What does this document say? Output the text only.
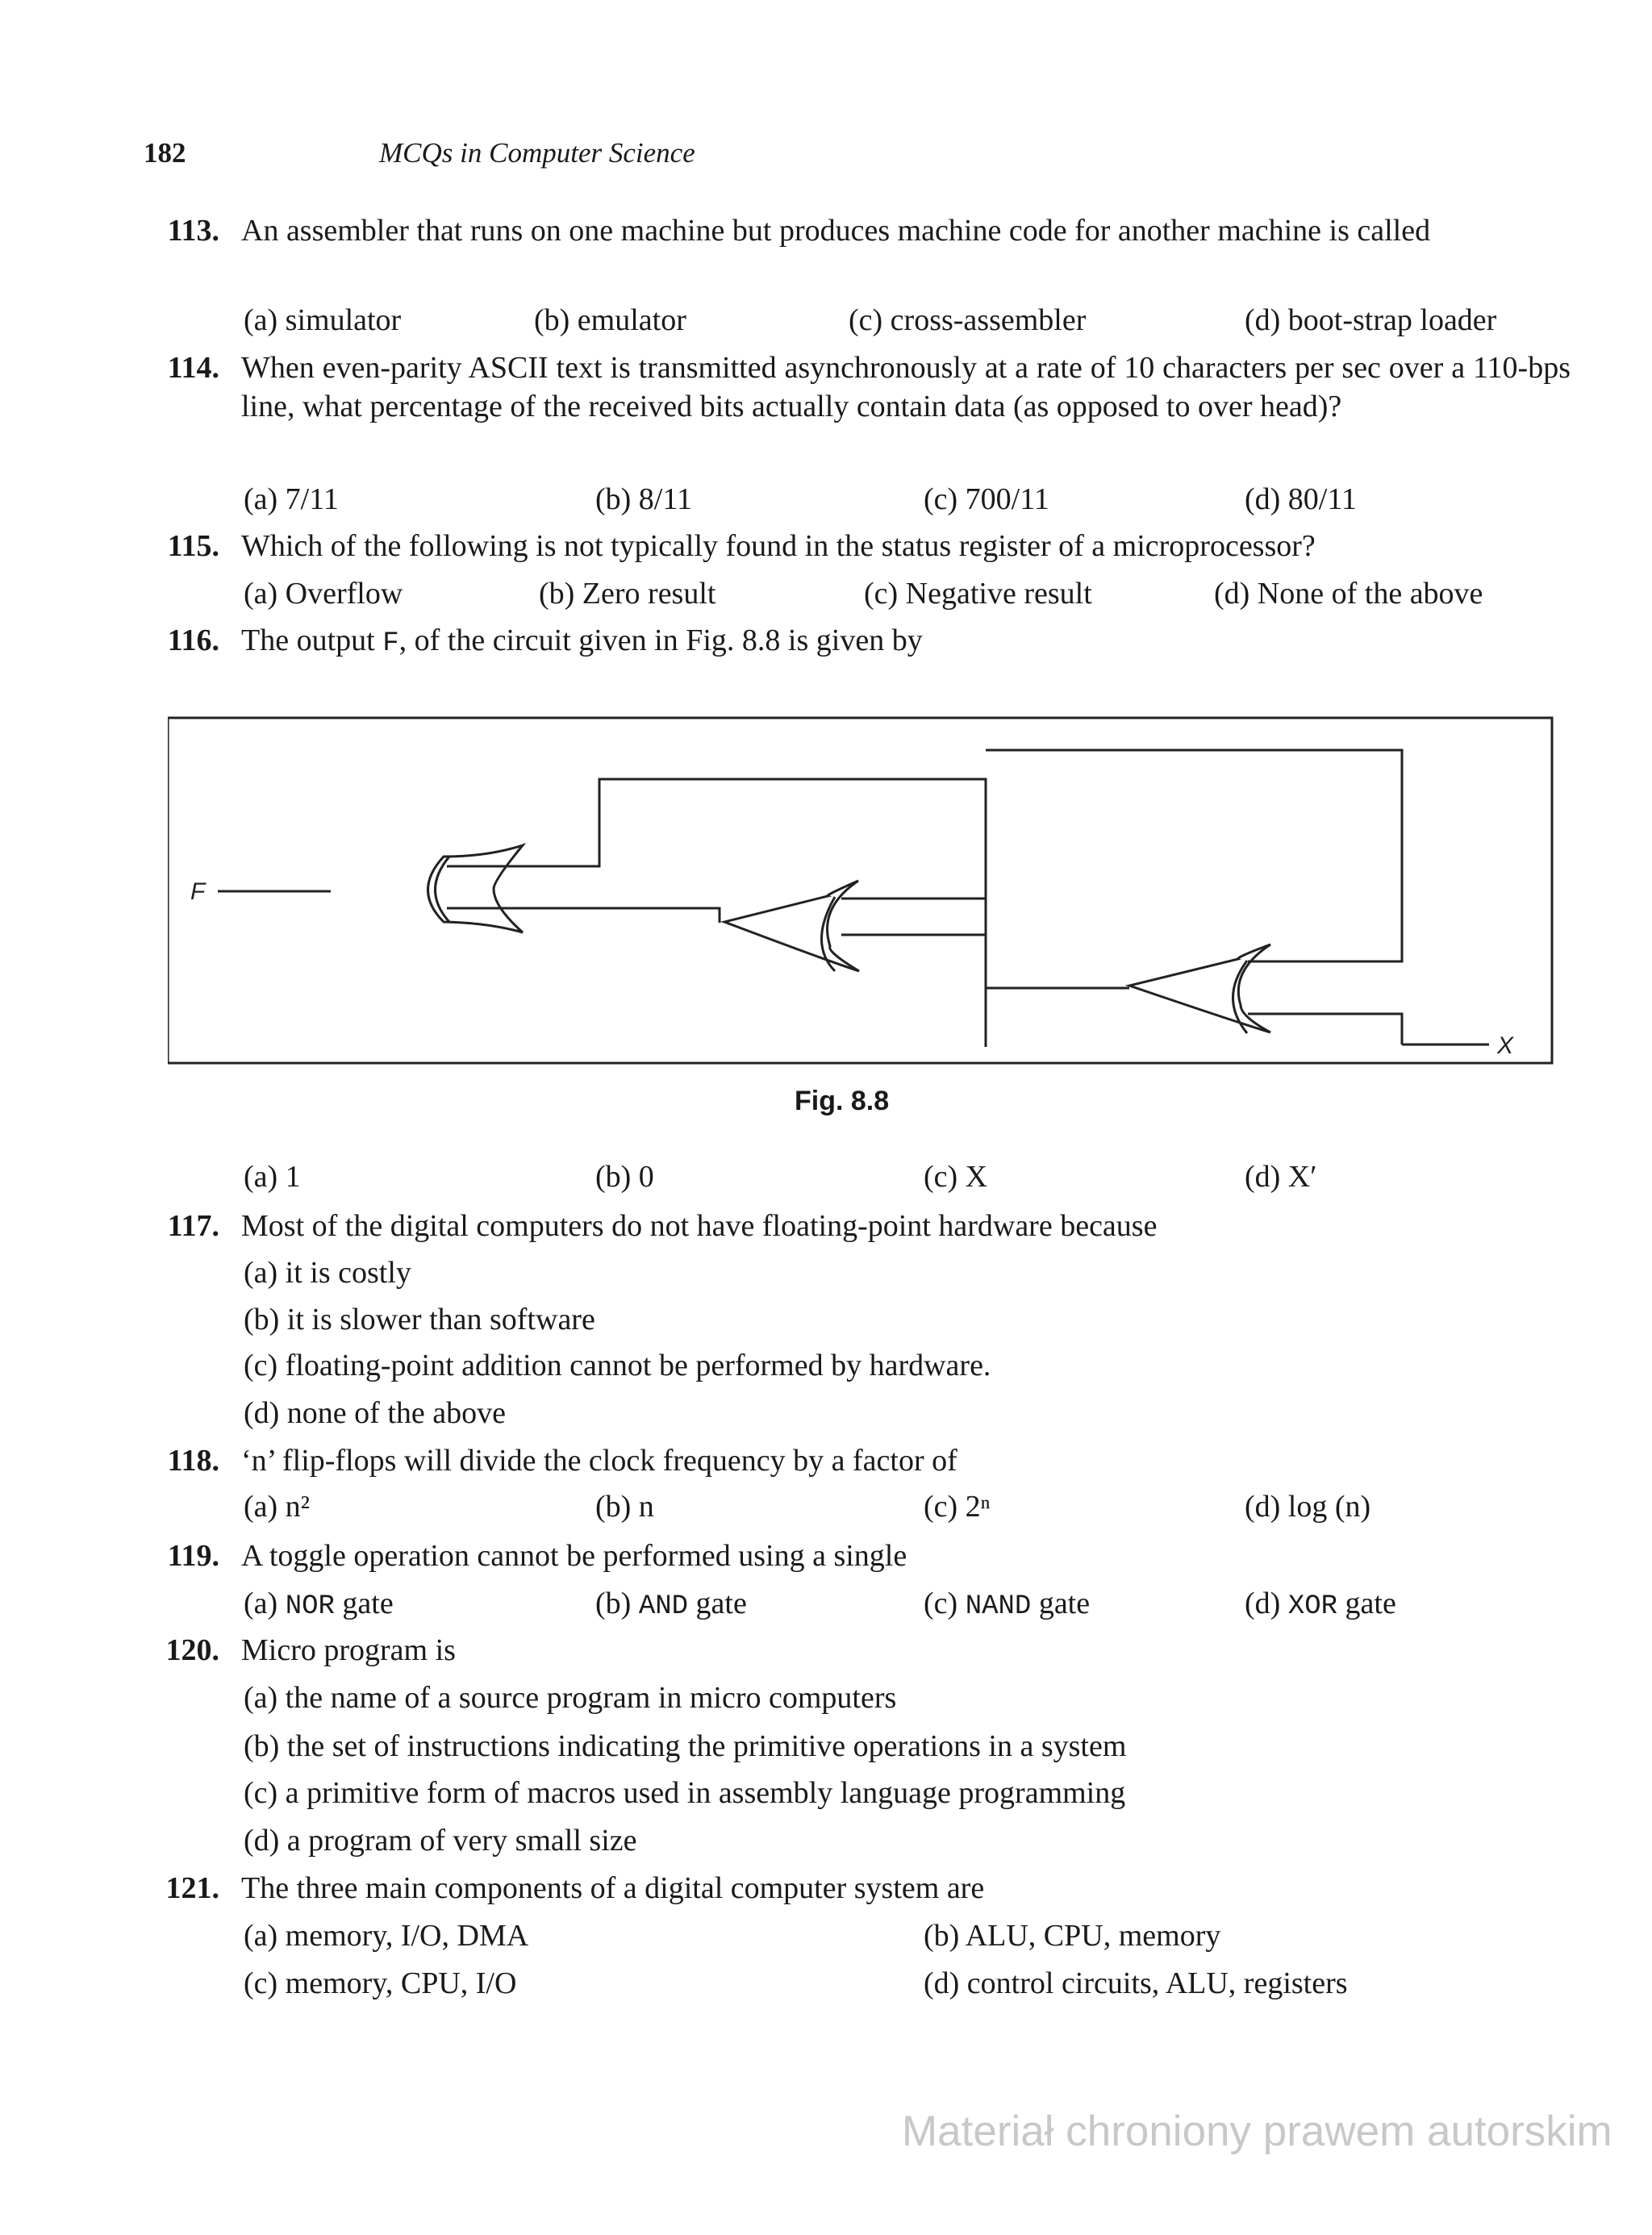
182	MCQs in Computer Science
113. An assembler that runs on one machine but produces machine code for another machine is called
(a) simulator	(b) emulator	(c) cross-assembler	(d) boot-strap loader
114. When even-parity ASCII text is transmitted asynchronously at a rate of 10 characters per sec over a 110-bps line, what percentage of the received bits actually contain data (as opposed to over head)?
(a) 7/11	(b) 8/11	(c) 700/11	(d) 80/11
115. Which of the following is not typically found in the status register of a microprocessor?
(a) Overflow	(b) Zero result	(c) Negative result	(d) None of the above
116. The output F, of the circuit given in Fig. 8.8 is given by
F
X
Fig. 8.8
(a) 1	(b) 0	(c) X	(d) X′
117. Most of the digital computers do not have floating-point hardware because
(a) it is costly
(b) it is slower than software
(c) floating-point addition cannot be performed by hardware.
(d) none of the above
118. ‘n’ flip-flops will divide the clock frequency by a factor of
(a) n²	(b) n	(c) 2ⁿ	(d) log (n)
119. A toggle operation cannot be performed using a single
(a) NOR gate	(b) AND gate	(c) NAND gate	(d) XOR gate
120. Micro program is
(a) the name of a source program in micro computers
(b) the set of instructions indicating the primitive operations in a system
(c) a primitive form of macros used in assembly language programming
(d) a program of very small size
121. The three main components of a digital computer system are
(a) memory, I/O, DMA	(b) ALU, CPU, memory
(c) memory, CPU, I/O	(d) control circuits, ALU, registers
Materiał chroniony prawem autorskim
